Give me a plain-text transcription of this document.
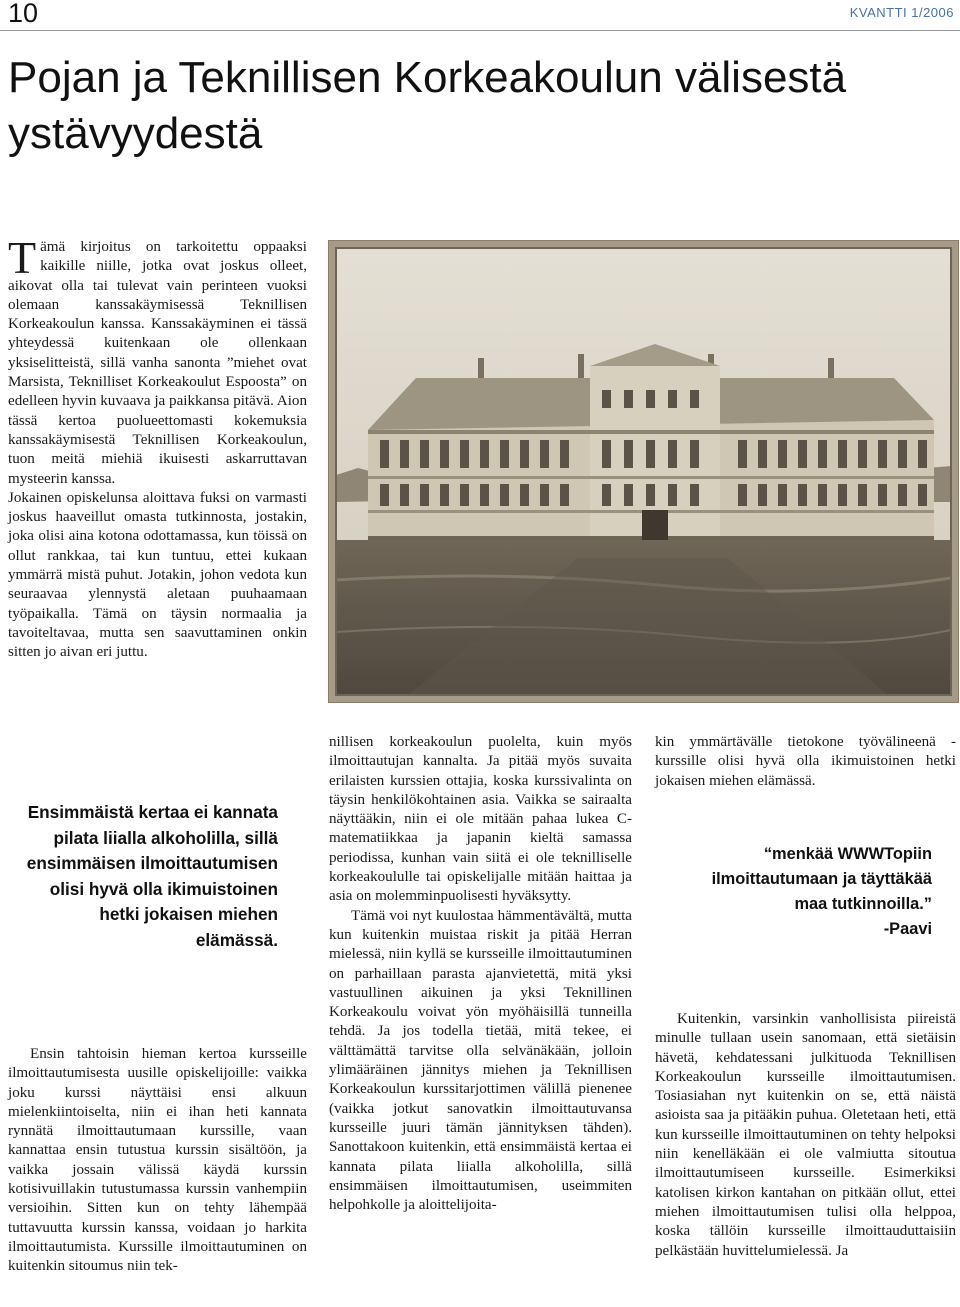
10	KVANTTI 1/2006
Pojan ja Teknillisen Korkeakoulun välisestä ystävyydestä

Tämä kirjoitus on tarkoitettu oppaaksi kaikille niille, jotka ovat joskus olleet, aikovat olla tai tulevat vain perinteen vuoksi olemaan kanssakäymisessä Teknillisen Korkeakoulun kanssa. Kanssakäyminen ei tässä yhteydessä kuitenkaan ole ollenkaan yksiselitteistä, sillä vanha sanonta ”miehet ovat Marsista, Teknilliset Korkeakoulut Espoosta” on edelleen hyvin kuvaava ja paikkansa pitävä. Aion tässä kertoa puolueettomasti kokemuksia kanssakäymisestä Teknillisen Korkeakoulun, tuon meitä miehiä ikuisesti askarruttavan mysteerin kanssa.

Jokainen opiskelunsa aloittava fuksi on varmasti joskus haaveillut omasta tutkinnosta, jostakin, joka olisi aina kotona odottamassa, kun töissä on ollut rankkaa, tai kun tuntuu, ettei kukaan ymmärrä mistä puhut. Jotakin, johon vedota kun seuraavaa ylennystä aletaan puuhaamaan työpaikalla. Tämä on täysin normaalia ja tavoiteltavaa, mutta sen saavuttaminen onkin sitten jo aivan eri juttu.

Ensimmäistä kertaa ei kannata pilata liialla alkoholilla, sillä ensimmäisen ilmoittautumisen olisi hyvä olla ikimuistoinen hetki jokaisen miehen elämässä.

Ensin tahtoisin hieman kertoa kursseille ilmoittautumisesta uusille opiskelijoille: vaikka joku kurssi näyttäisi ensi alkuun mielenkiintoiselta, niin ei ihan heti kannata rynnätä ilmoittautumaan kurssille, vaan kannattaa ensin tutustua kurssin sisältöön, ja vaikka jossain välissä käydä kurssin kotisivuillakin tutustumassa kurssin vanhempiin versioihin. Sitten kun on tehty lähempää tuttavuutta kurssin kanssa, voidaan jo harkita ilmoittautumista. Kurssille ilmoittautuminen on kuitenkin sitoumus niin tek-

nillisen korkeakoulun puolelta, kuin myös ilmoittautujan kannalta. Ja pitää myös suvaita erilaisten kurssien ottajia, koska kurssivalinta on täysin henkilökohtainen asia. Vaikka se sairaalta näyttääkin, niin ei ole mitään pahaa lukea C-matematiikkaa ja japanin kieltä samassa periodissa, kunhan vain siitä ei ole teknilliselle korkeakoululle tai opiskelijalle mitään haittaa ja asia on molemminpuolisesti hyväksytty.

Tämä voi nyt kuulostaa hämmentävältä, mutta kun kuitenkin muistaa riskit ja pitää Herran mielessä, niin kyllä se kursseille ilmoittautuminen on parhaillaan parasta ajanvietettä, mitä yksi vastuullinen aikuinen ja yksi Teknillinen Korkeakoulu voivat yön myöhäisillä tunneilla tehdä. Ja jos todella tietää, mitä tekee, ei välttämättä tarvitse olla selvänäkään, jolloin ylimääräinen jännitys miehen ja Teknillisen Korkeakoulun kurssitarjottimen välillä pienenee (vaikka jotkut sanovatkin ilmoittautuvansa kursseille juuri tämän jännityksen tähden). Sanottakoon kuitenkin, että ensimmäistä kertaa ei kannata pilata liialla alkoholilla, sillä ensimmäisen ilmoittautumisen, useimmiten helpohkolle ja aloittelijoita-

kin ymmärtävälle tietokone työvälineenä -kurssille olisi hyvä olla ikimuistoinen hetki jokaisen miehen elämässä.

“menkää WWWTopiin ilmoittautumaan ja täyttäkää maa tutkinnoilla.”
-Paavi

Kuitenkin, varsinkin vanhollisista piireistä minulle tullaan usein sanomaan, että sietäisin hävetä, kehdatessani julkituoda Teknillisen Korkeakoulun kursseille ilmoittautumisen. Tosiasiahan nyt kuitenkin on se, että näistä asioista saa ja pitääkin puhua. Oletetaan heti, että kun kursseille ilmoittautuminen on tehty helpoksi niin kenelläkään ei ole valmiutta sitoutua ilmoittautumiseen kursseille. Esimerkiksi katolisen kirkon kantahan on pitkään ollut, ettei miehen ilmoittautumisen tulisi olla helppoa, koska tällöin kursseille ilmoittauduttaisiin pelkästään huvittelumielessä. Ja
